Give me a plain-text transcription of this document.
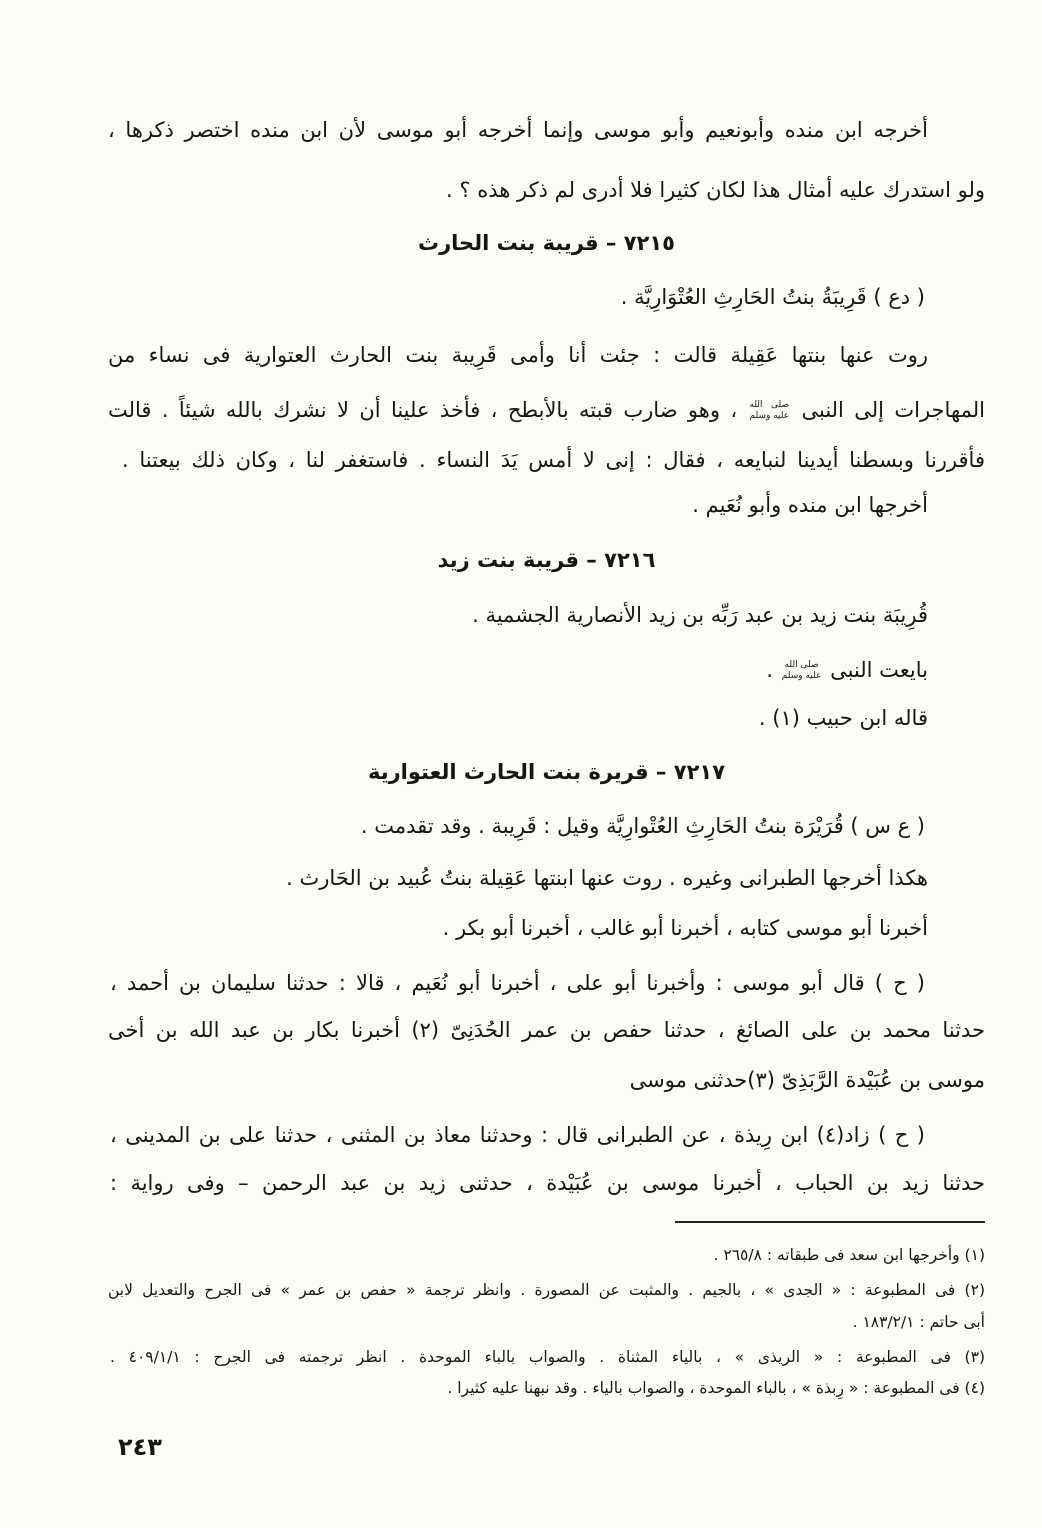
أخرجه ابن منده وأبونعيم وأبو موسى وإنما أخرجه أبو موسى لأن ابن منده اختصر ذكرها ،
ولو استدرك عليه أمثال هذا لكان كثيرا فلا أدرى لم ذكر هذه ؟ .
٧٢١٥ – قريبة بنت الحارث
( دع ) قَرِيبَةُ بنتُ الحَارِثِ العُتْوَارِيَّة .
روت عنها بنتها عَقِيلة قالت : جئت أنا وأمى قَرِيبة بنت الحارث العتوارية فى نساء من
المهاجرات إلى النبى
صلى الله
عليه وسلم
، وهو ضارب قبته بالأبطح ، فأخذ علينا أن لا نشرك بالله شيئاً . قالت
فأقررنا وبسطنا أيدينا لنبايعه ، فقال : إنى لا أمس يَدَ النساء . فاستغفر لنا ، وكان ذلك بيعتنا .
أخرجها ابن منده وأبو نُعَيم .
٧٢١٦ – قريبة بنت زيد
قُرِيبَة بنت زيد بن عبد رَبِّه بن زيد الأنصارية الجشمية .
بايعت النبى
صلى الله
عليه وسلم
.
قاله ابن حبيب (١) .
٧٢١٧ – قريرة بنت الحارث العتوارية
( ع س ) قُرَيْرَة بنتُ الحَارِثِ العُتْوارِيَّة وقيل : قَرِيبة . وقد تقدمت .
هكذا أخرجها الطبرانى وغيره . روت عنها ابنتها عَقِيلة بنتُ عُبيد بن الحَارث .
أخبرنا أبو موسى كتابه ، أخبرنا أبو غالب ، أخبرنا أبو بكر .
( ح ) قال أبو موسى : وأخبرنا أبو على ، أخبرنا أبو نُعَيم ، قالا : حدثنا سليمان بن أحمد ،
حدثنا محمد بن على الصائغ ، حدثنا حفص بن عمر الحُدَنِىّ (٢) أخبرنا بكار بن عبد الله بن أخى
موسى بن عُبَيْدة الرَّبَذِىّ (٣)حدثنى موسى
( ح ) زاد(٤) ابن رِيذة ، عن الطبرانى قال : وحدثنا معاذ بن المثنى ، حدثنا على بن المدينى ،
حدثنا زيد بن الحباب ، أخبرنا موسى بن عُبَيْدة ، حدثنى زيد بن عبد الرحمن – وفى رواية :
(١) وأخرجها ابن سعد فى طبقاته : ٢٦٥/٨ .
(٢) فى المطبوعة : « الجدى » ، بالجيم . والمثبت عن المصورة . وانظر ترجمة « حفص بن عمر » فى الجرح والتعديل لابن
أبى حاتم : ١٨٣/٢/١ .
(٣) فى المطبوعة : « الريذى » ، بالياء المثناة . والصواب بالباء الموحدة . انظر ترجمته فى الجرح : ٤٠٩/١/١ .
(٤) فى المطبوعة : « رِبذة » ، بالباء الموحدة ، والصواب بالياء . وقد نبهنا عليه كثيرا .
٢٤٣
